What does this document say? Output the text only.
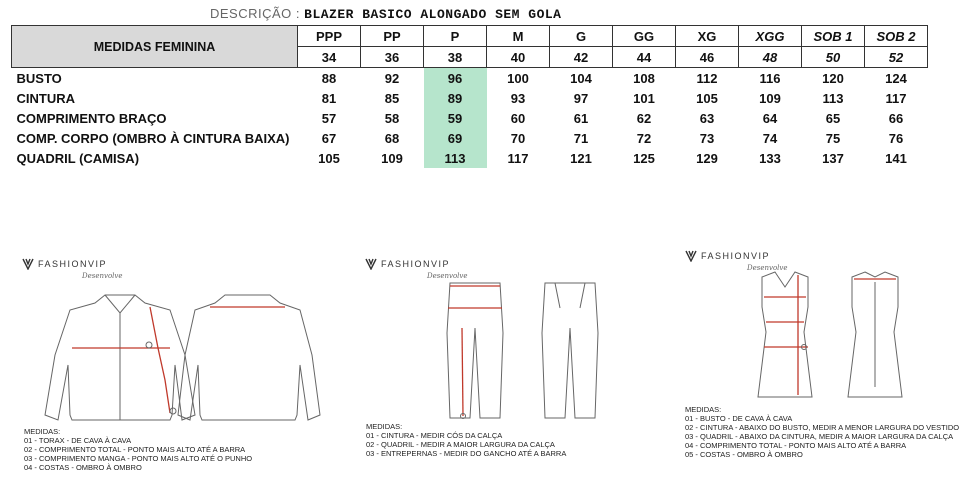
DESCRIÇÃO : BLAZER BASICO ALONGADO SEM GOLA
MEDIDAS FEMININA	PPP	PP	P	M	G	GG	XG	XGG	SOB 1	SOB 2
	34	36	38	40	42	44	46	48	50	52
BUSTO	88	92	96	100	104	108	112	116	120	124
CINTURA	81	85	89	93	97	101	105	109	113	117
COMPRIMENTO BRAÇO	57	58	59	60	61	62	63	64	65	66
COMP. CORPO (OMBRO À CINTURA BAIXA)	67	68	69	70	71	72	73	74	75	76
QUADRIL (CAMISA)	105	109	113	117	121	125	129	133	137	141
FASHIONVIP
Desenvolve
MEDIDAS:
01 - TORAX - DE CAVA À CAVA
02 - COMPRIMENTO TOTAL - PONTO MAIS ALTO ATÉ A BARRA
03 - COMPRIMENTO MANGA - PONTO MAIS ALTO ATÉ O PUNHO
04 - COSTAS - OMBRO À OMBRO
FASHIONVIP
Desenvolve
MEDIDAS:
01 - CINTURA - MEDIR CÓS DA CALÇA
02 - QUADRIL - MEDIR A MAIOR LARGURA DA CALÇA
03 - ENTREPERNAS - MEDIR DO GANCHO ATÉ A BARRA
FASHIONVIP
Desenvolve
MEDIDAS:
01 - BUSTO - DE CAVA À CAVA
02 - CINTURA - ABAIXO DO BUSTO, MEDIR A MENOR LARGURA DO VESTIDO
03 - QUADRIL - ABAIXO DA CINTURA, MEDIR A MAIOR LARGURA DA CALÇA
04 - COMPRIMENTO TOTAL - PONTO MAIS ALTO ATÉ A BARRA
05 - COSTAS - OMBRO À OMBRO
